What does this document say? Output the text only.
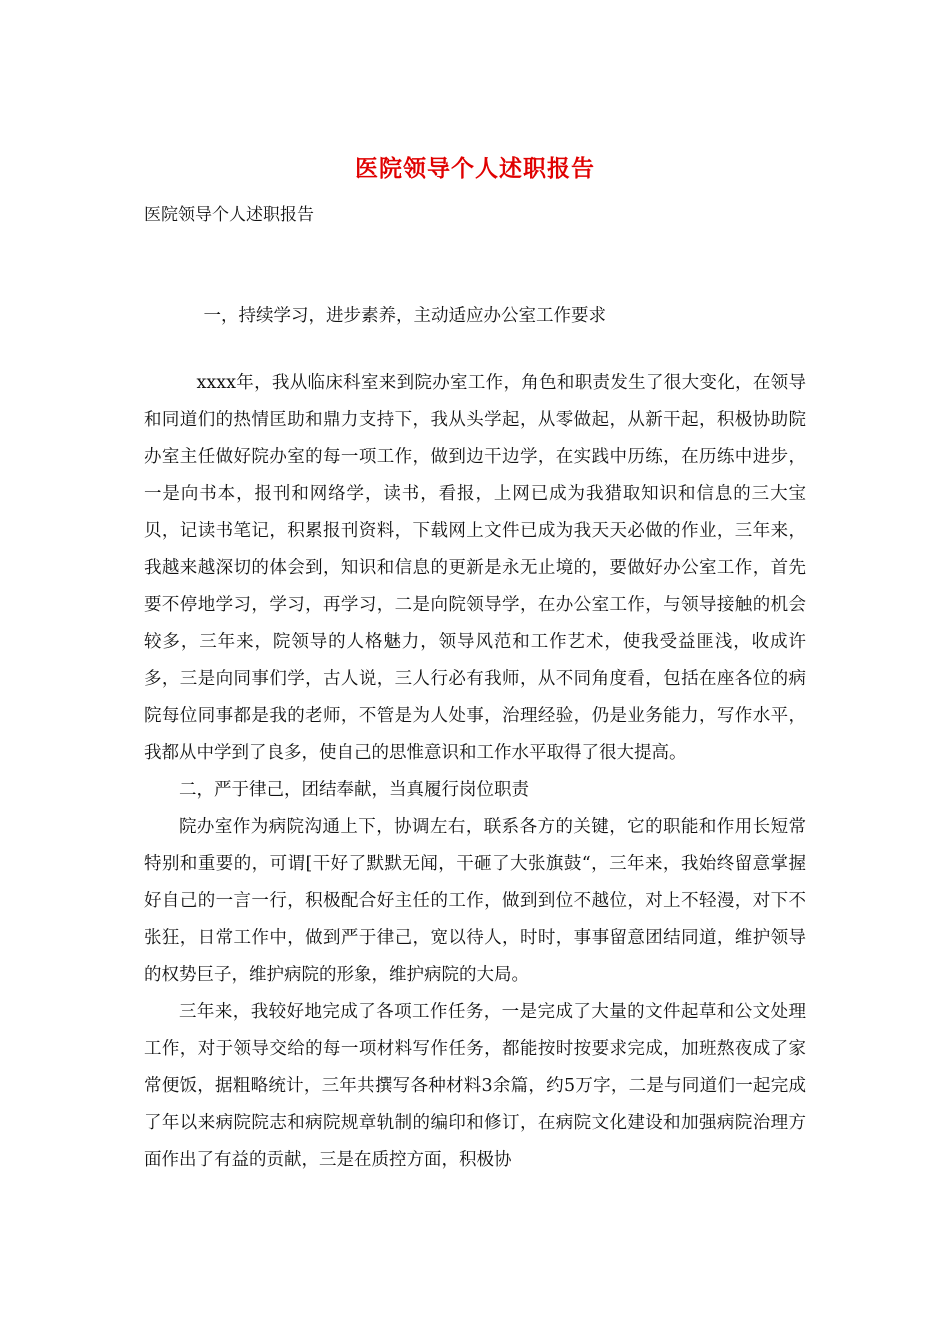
医院领导个人述职报告
医院领导个人述职报告

一，持续学习，进步素养，主动适应办公室工作要求

xxxx年，我从临床科室来到院办室工作，角色和职责发生了很大变化，在领导和同道们的热情匡助和鼎力支持下，我从头学起，从零做起，从新干起，积极协助院办室主任做好院办室的每一项工作，做到边干边学，在实践中历练，在历练中进步，一是向书本，报刊和网络学，读书，看报，上网已成为我猎取知识和信息的三大宝贝，记读书笔记，积累报刊资料，下载网上文件已成为我天天必做的作业，三年来，我越来越深切的体会到，知识和信息的更新是永无止境的，要做好办公室工作，首先要不停地学习，学习，再学习，二是向院领导学，在办公室工作，与领导接触的机会较多，三年来，院领导的人格魅力，领导风范和工作艺术，使我受益匪浅，收成许多，三是向同事们学，古人说，三人行必有我师，从不同角度看，包括在座各位的病院每位同事都是我的老师，不管是为人处事，治理经验，仍是业务能力，写作水平，我都从中学到了良多，使自己的思惟意识和工作水平取得了很大提高。

二，严于律己，团结奉献，当真履行岗位职责

院办室作为病院沟通上下，协调左右，联系各方的关键，它的职能和作用长短常特别和重要的，可谓[干好了默默无闻，干砸了大张旗鼓“，三年来，我始终留意掌握好自己的一言一行，积极配合好主任的工作，做到到位不越位，对上不轻漫，对下不张狂，日常工作中，做到严于律己，宽以待人，时时，事事留意团结同道，维护领导的权势巨子，维护病院的形象，维护病院的大局。

三年来，我较好地完成了各项工作任务，一是完成了大量的文件起草和公文处理工作，对于领导交给的每一项材料写作任务，都能按时按要求完成，加班熬夜成了家常便饭，据粗略统计，三年共撰写各种材料3余篇，约5万字，二是与同道们一起完成了年以来病院院志和病院规章轨制的编印和修订，在病院文化建设和加强病院治理方面作出了有益的贡献，三是在质控方面，积极协
